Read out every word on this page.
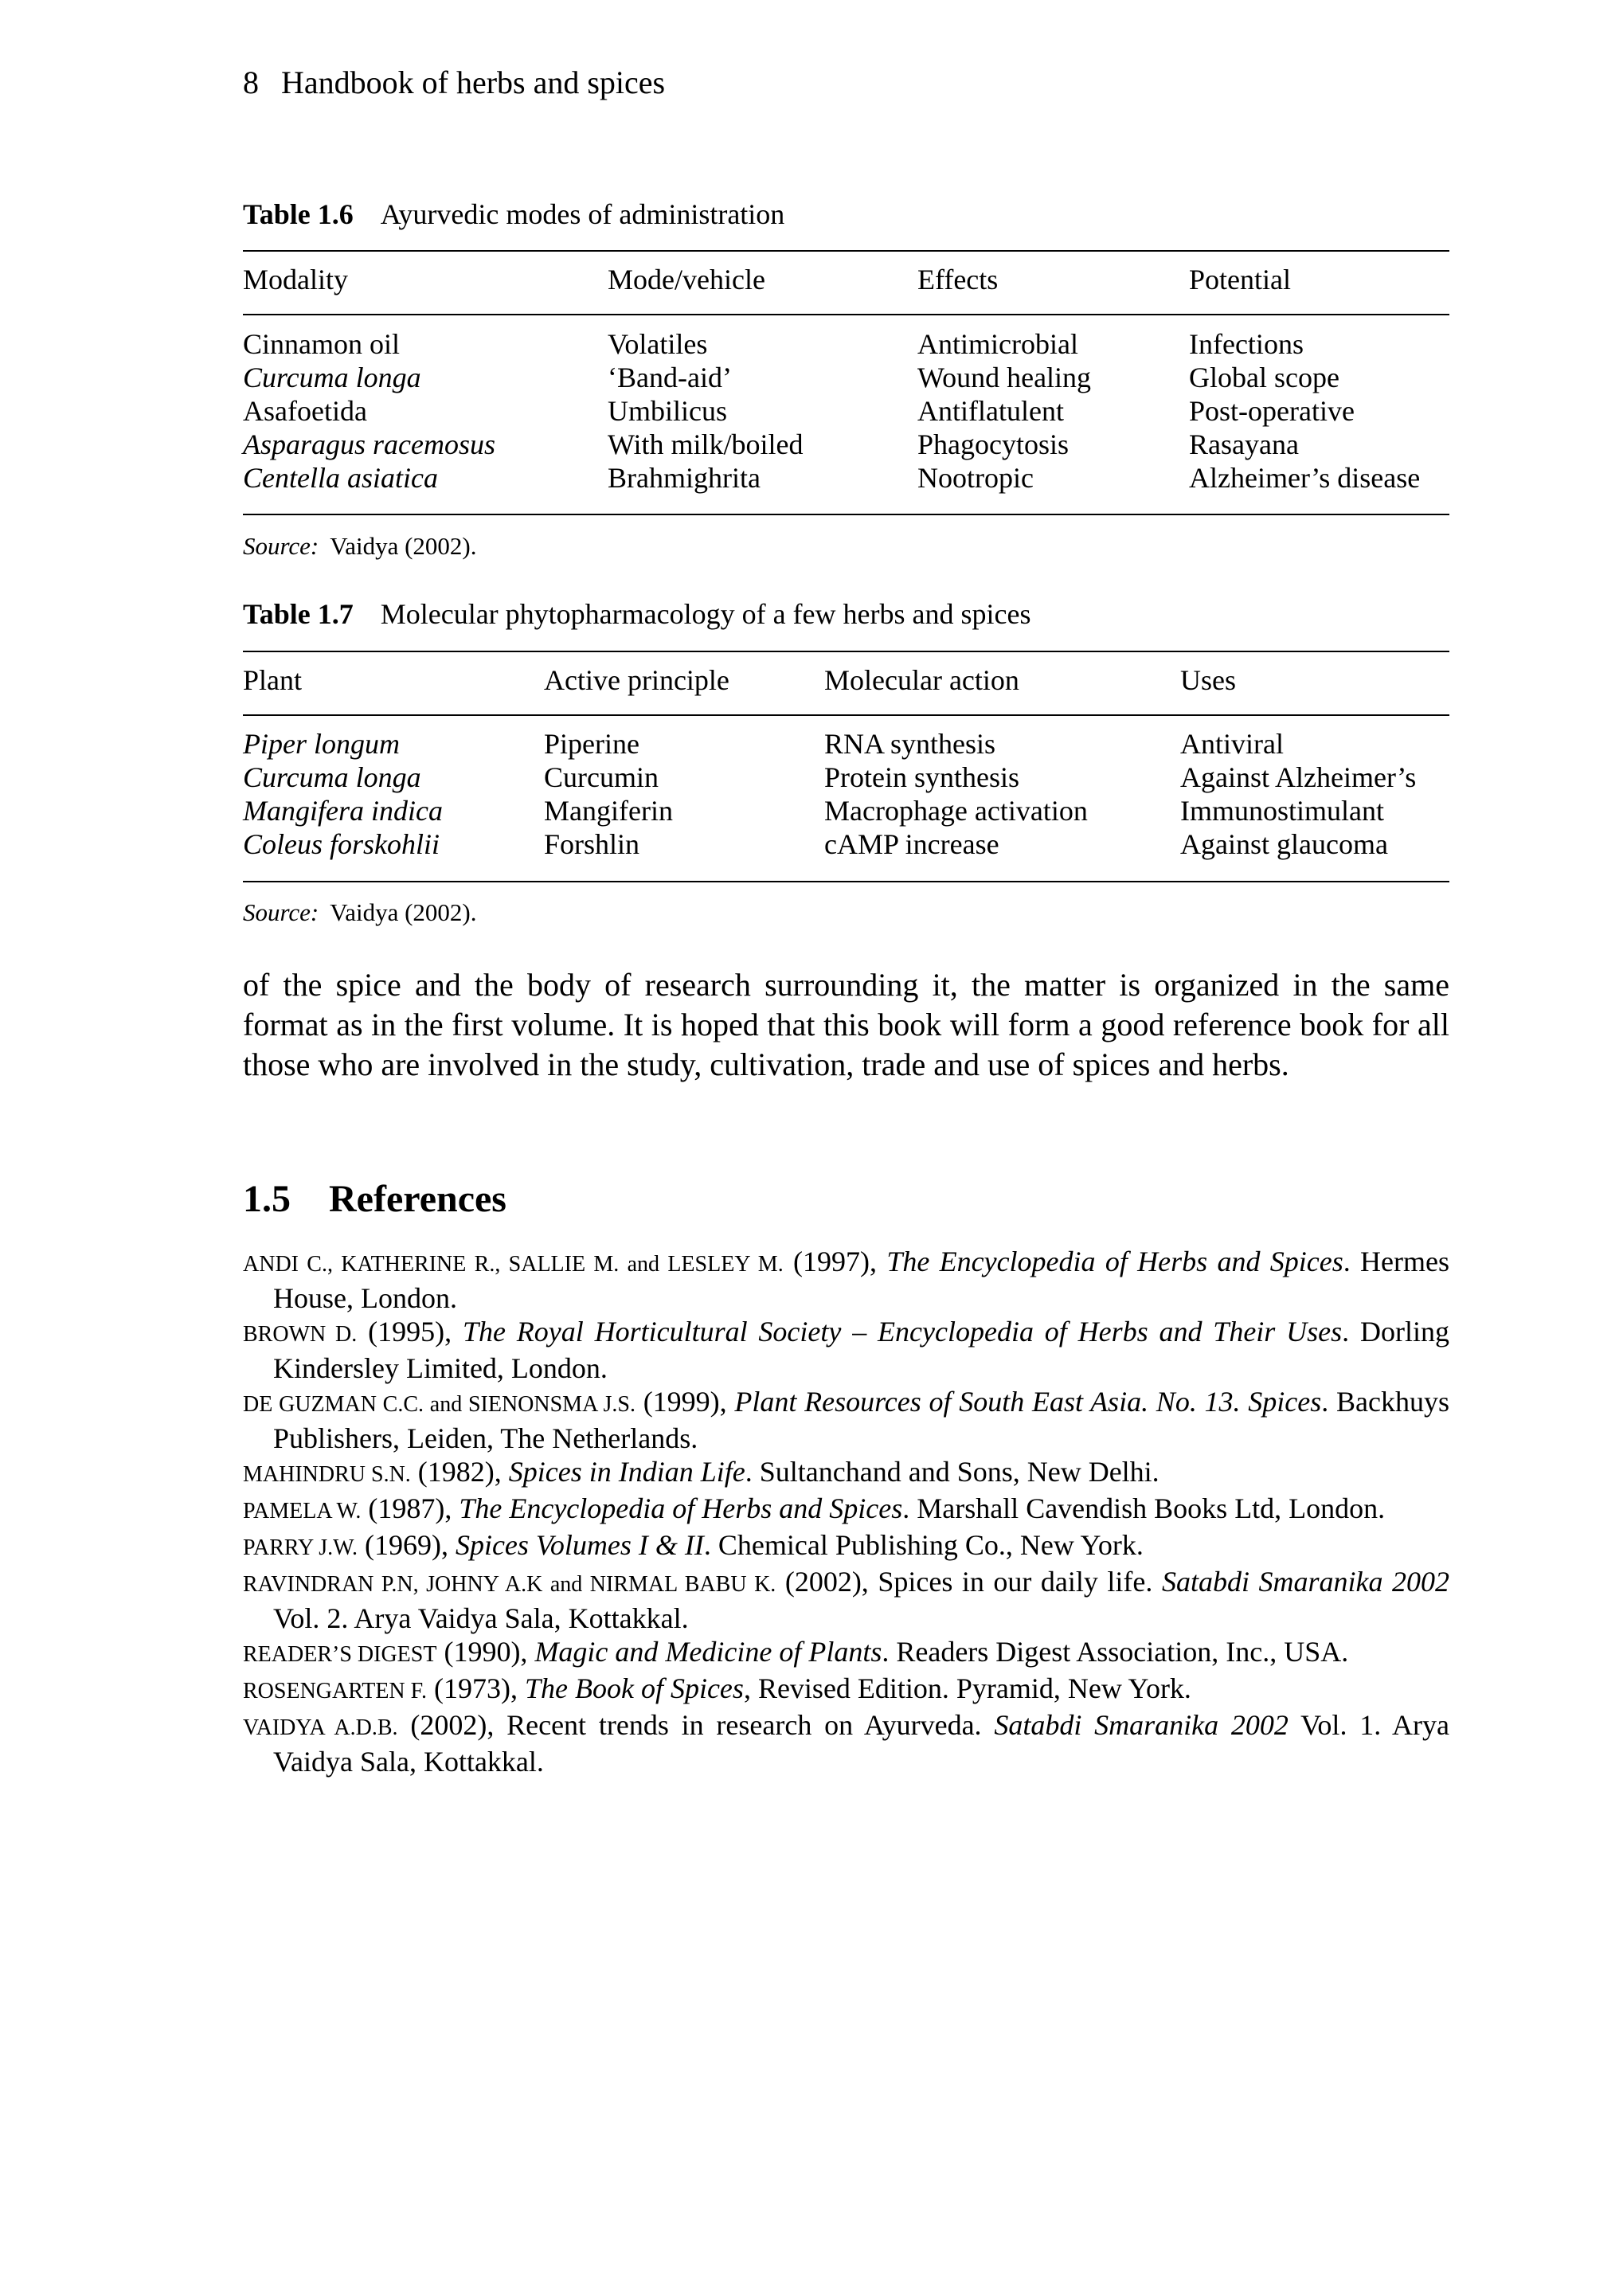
8 Handbook of herbs and spices
Table 1.6 Ayurvedic modes of administration
Modality	Mode/vehicle	Effects	Potential
Cinnamon oil	Volatiles	Antimicrobial	Infections
Curcuma longa	‘Band-aid’	Wound healing	Global scope
Asafoetida	Umbilicus	Antiflatulent	Post-operative
Asparagus racemosus	With milk/boiled	Phagocytosis	Rasayana
Centella asiatica	Brahmighrita	Nootropic	Alzheimer’s disease
Source: Vaidya (2002).
Table 1.7 Molecular phytopharmacology of a few herbs and spices
Plant	Active principle	Molecular action	Uses
Piper longum	Piperine	RNA synthesis	Antiviral
Curcuma longa	Curcumin	Protein synthesis	Against Alzheimer’s
Mangifera indica	Mangiferin	Macrophage activation	Immunostimulant
Coleus forskohlii	Forshlin	cAMP increase	Against glaucoma
Source: Vaidya (2002).

of the spice and the body of research surrounding it, the matter is organized in the same format as in the first volume. It is hoped that this book will form a good reference book for all those who are involved in the study, cultivation, trade and use of spices and herbs.

1.5 References
ANDI C., KATHERINE R., SALLIE M. and LESLEY M. (1997), The Encyclopedia of Herbs and Spices. Hermes House, London.
BROWN D. (1995), The Royal Horticultural Society – Encyclopedia of Herbs and Their Uses. Dorling Kindersley Limited, London.
DE GUZMAN C.C. and SIENONSMA J.S. (1999), Plant Resources of South East Asia. No. 13. Spices. Backhuys Publishers, Leiden, The Netherlands.
MAHINDRU S.N. (1982), Spices in Indian Life. Sultanchand and Sons, New Delhi.
PAMELA W. (1987), The Encyclopedia of Herbs and Spices. Marshall Cavendish Books Ltd, London.
PARRY J.W. (1969), Spices Volumes I & II. Chemical Publishing Co., New York.
RAVINDRAN P.N, JOHNY A.K and NIRMAL BABU K. (2002), Spices in our daily life. Satabdi Smaranika 2002 Vol. 2. Arya Vaidya Sala, Kottakkal.
READER’S DIGEST (1990), Magic and Medicine of Plants. Readers Digest Association, Inc., USA.
ROSENGARTEN F. (1973), The Book of Spices, Revised Edition. Pyramid, New York.
VAIDYA A.D.B. (2002), Recent trends in research on Ayurveda. Satabdi Smaranika 2002 Vol. 1. Arya Vaidya Sala, Kottakkal.
